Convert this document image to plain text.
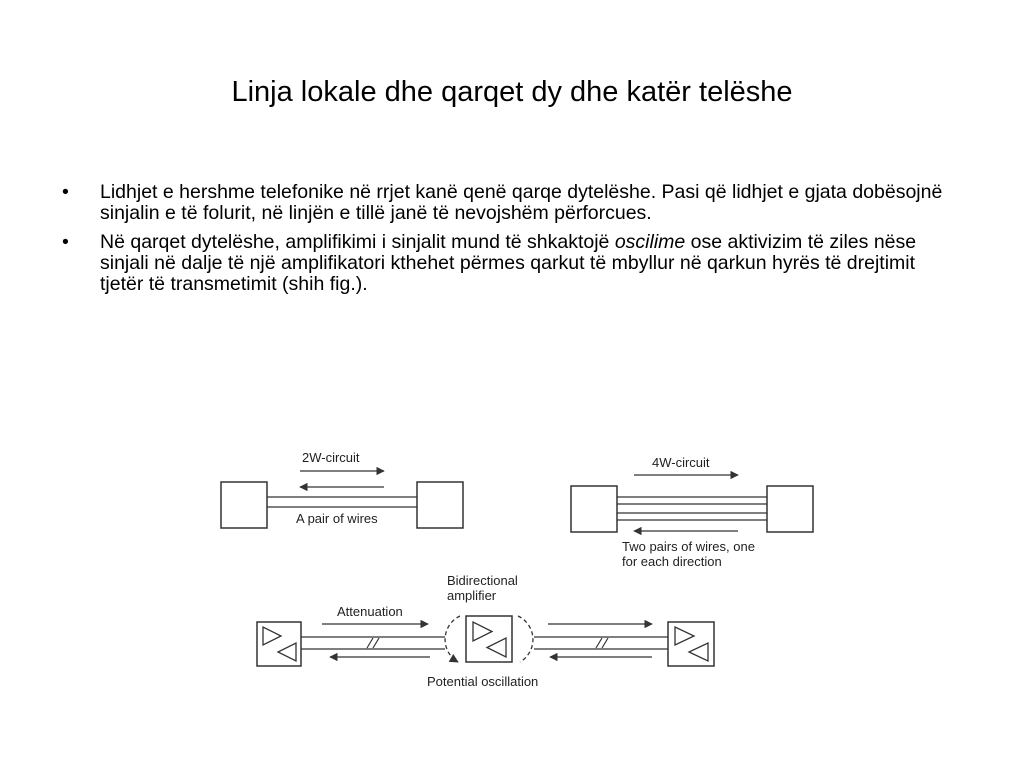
Linja lokale dhe qarqet dy dhe katër telëshe
• Lidhjet e hershme telefonike në rrjet kanë qenë qarqe dytelëshe. Pasi që lidhjet e gjata dobësojnë sinjalin e të folurit, në linjën e tillë janë të nevojshëm përforcues.
• Në qarqet dytelëshe, amplifikimi i sinjalit mund të shkaktojë oscilime ose aktivizim të ziles nëse sinjali në dalje të një amplifikatori kthehet përmes qarkut të mbyllur në qarkun hyrës të drejtimit tjetër të transmetimit (shih fig.).
2W-circuit
A pair of wires
4W-circuit
Two pairs of wires, one
for each direction
Bidirectional
amplifier
Attenuation
Potential oscillation
